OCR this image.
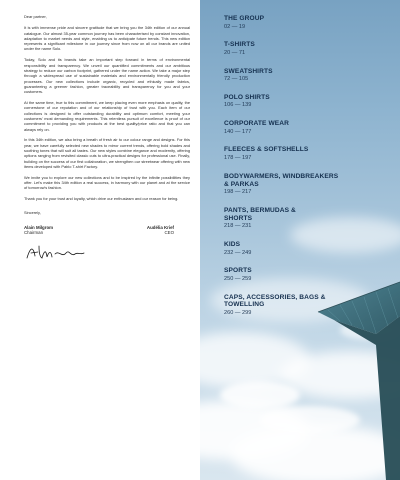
Dear partner,

It is with immense pride and sincere gratitude that we bring you the 34th edition of our annual catalogue. Our almost 35-year common journey has been characterised by constant innovation, adaptation to market needs and style, enabling us to anticipate future trends. This new edition represents a significant milestone in our journey since from now on all our brands are united under the name Solo.

Today, Solo and its brands take an important step forward in terms of environmental responsibility and transparency. We unveil our quantified commitments and our ambitious strategy to reduce our carbon footprint, gathered under the name action. We take a major step through a widespread use of sustainable materials and environmentally friendly production processes. Our new collections include organic, recycled and ethically made fabrics, guaranteeing a greener fashion, greater traceability and transparency for you and your customers.

At the same time, true to this commitment, we keep placing even more emphasis on quality, the cornerstone of our reputation and of our relationship of trust with you. Each item of our collections is designed to offer outstanding durability and optimum comfort, meeting your customers' most demanding requirements. This relentless pursuit of excellence is proof of our commitment to providing you with products at the best quality/price ratio and that you can always rely on.

In this 34th edition, we also bring a breath of fresh air to our colour range and designs. For this year, we have carefully selected new shades to mirror current trends, offering bold shades and soothing tones that will suit all tastes. Our new styles combine elegance and modernity, offering options ranging from revisited classic cuts to ultra-practical designs for professional use. Finally, building on the success of our first collaboration, we strengthen our streetwear offering with new items developed with Pablo T-shirt Factory.

We invite you to explore our new collections and to be inspired by the infinite possibilities they offer. Let's make this 34th edition a real success, in harmony with our planet and at the service of tomorrow's fashion.

Thank you for your trust and loyalty, which drive our enthusiasm and our reason for being.

Sincerely,

Alain Milgrom
Chairman
Audélia Krief
CEO
THE GROUP
02 — 19
T-SHIRTS
20 — 71
SWEATSHIRTS
72 — 105
POLO SHIRTS
106 — 139
CORPORATE WEAR
140 — 177
FLEECES & SOFTSHELLS
178 — 197
BODYWARMERS, WINDBREAKERS & PARKAS
198 — 217
PANTS, BERMUDAS & SHORTS
218 — 231
KIDS
232 — 249
SPORTS
250 — 259
CAPS, ACCESSORIES, BAGS & TOWELLING
260 — 299
